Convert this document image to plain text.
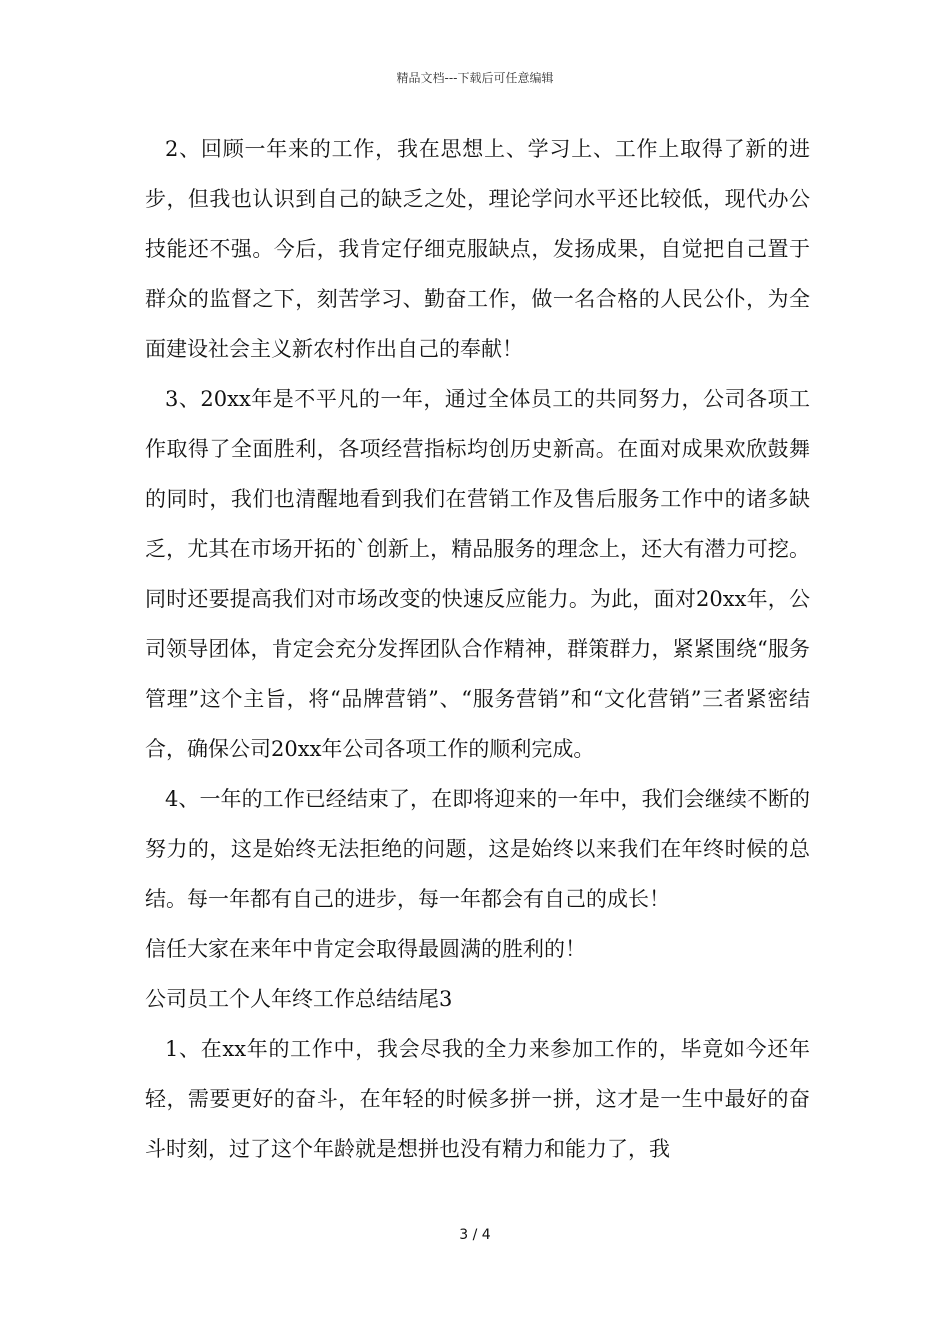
精品文档---下载后可任意编辑

2、回顾一年来的工作，我在思想上、学习上、工作上取得了新的进步，但我也认识到自己的缺乏之处，理论学问水平还比较低，现代办公技能还不强。今后，我肯定仔细克服缺点，发扬成果，自觉把自己置于群众的监督之下，刻苦学习、勤奋工作，做一名合格的人民公仆，为全面建设社会主义新农村作出自己的奉献！

3、20xx年是不平凡的一年，通过全体员工的共同努力，公司各项工作取得了全面胜利，各项经营指标均创历史新高。在面对成果欢欣鼓舞的同时，我们也清醒地看到我们在营销工作及售后服务工作中的诸多缺乏，尤其在市场开拓的`创新上，精品服务的理念上，还大有潜力可挖。同时还要提高我们对市场改变的快速反应能力。为此，面对20xx年，公司领导团体，肯定会充分发挥团队合作精神，群策群力，紧紧围绕“服务管理”这个主旨，将“品牌营销”、“服务营销”和“文化营销”三者紧密结合，确保公司20xx年公司各项工作的顺利完成。

4、一年的工作已经结束了，在即将迎来的一年中，我们会继续不断的努力的，这是始终无法拒绝的问题，这是始终以来我们在年终时候的总结。每一年都有自己的进步，每一年都会有自己的成长！

信任大家在来年中肯定会取得最圆满的胜利的！

公司员工个人年终工作总结结尾3

1、在xx年的工作中，我会尽我的全力来参加工作的，毕竟如今还年轻，需要更好的奋斗，在年轻的时候多拼一拼，这才是一生中最好的奋斗时刻，过了这个年龄就是想拼也没有精力和能力了，我

3 / 4
